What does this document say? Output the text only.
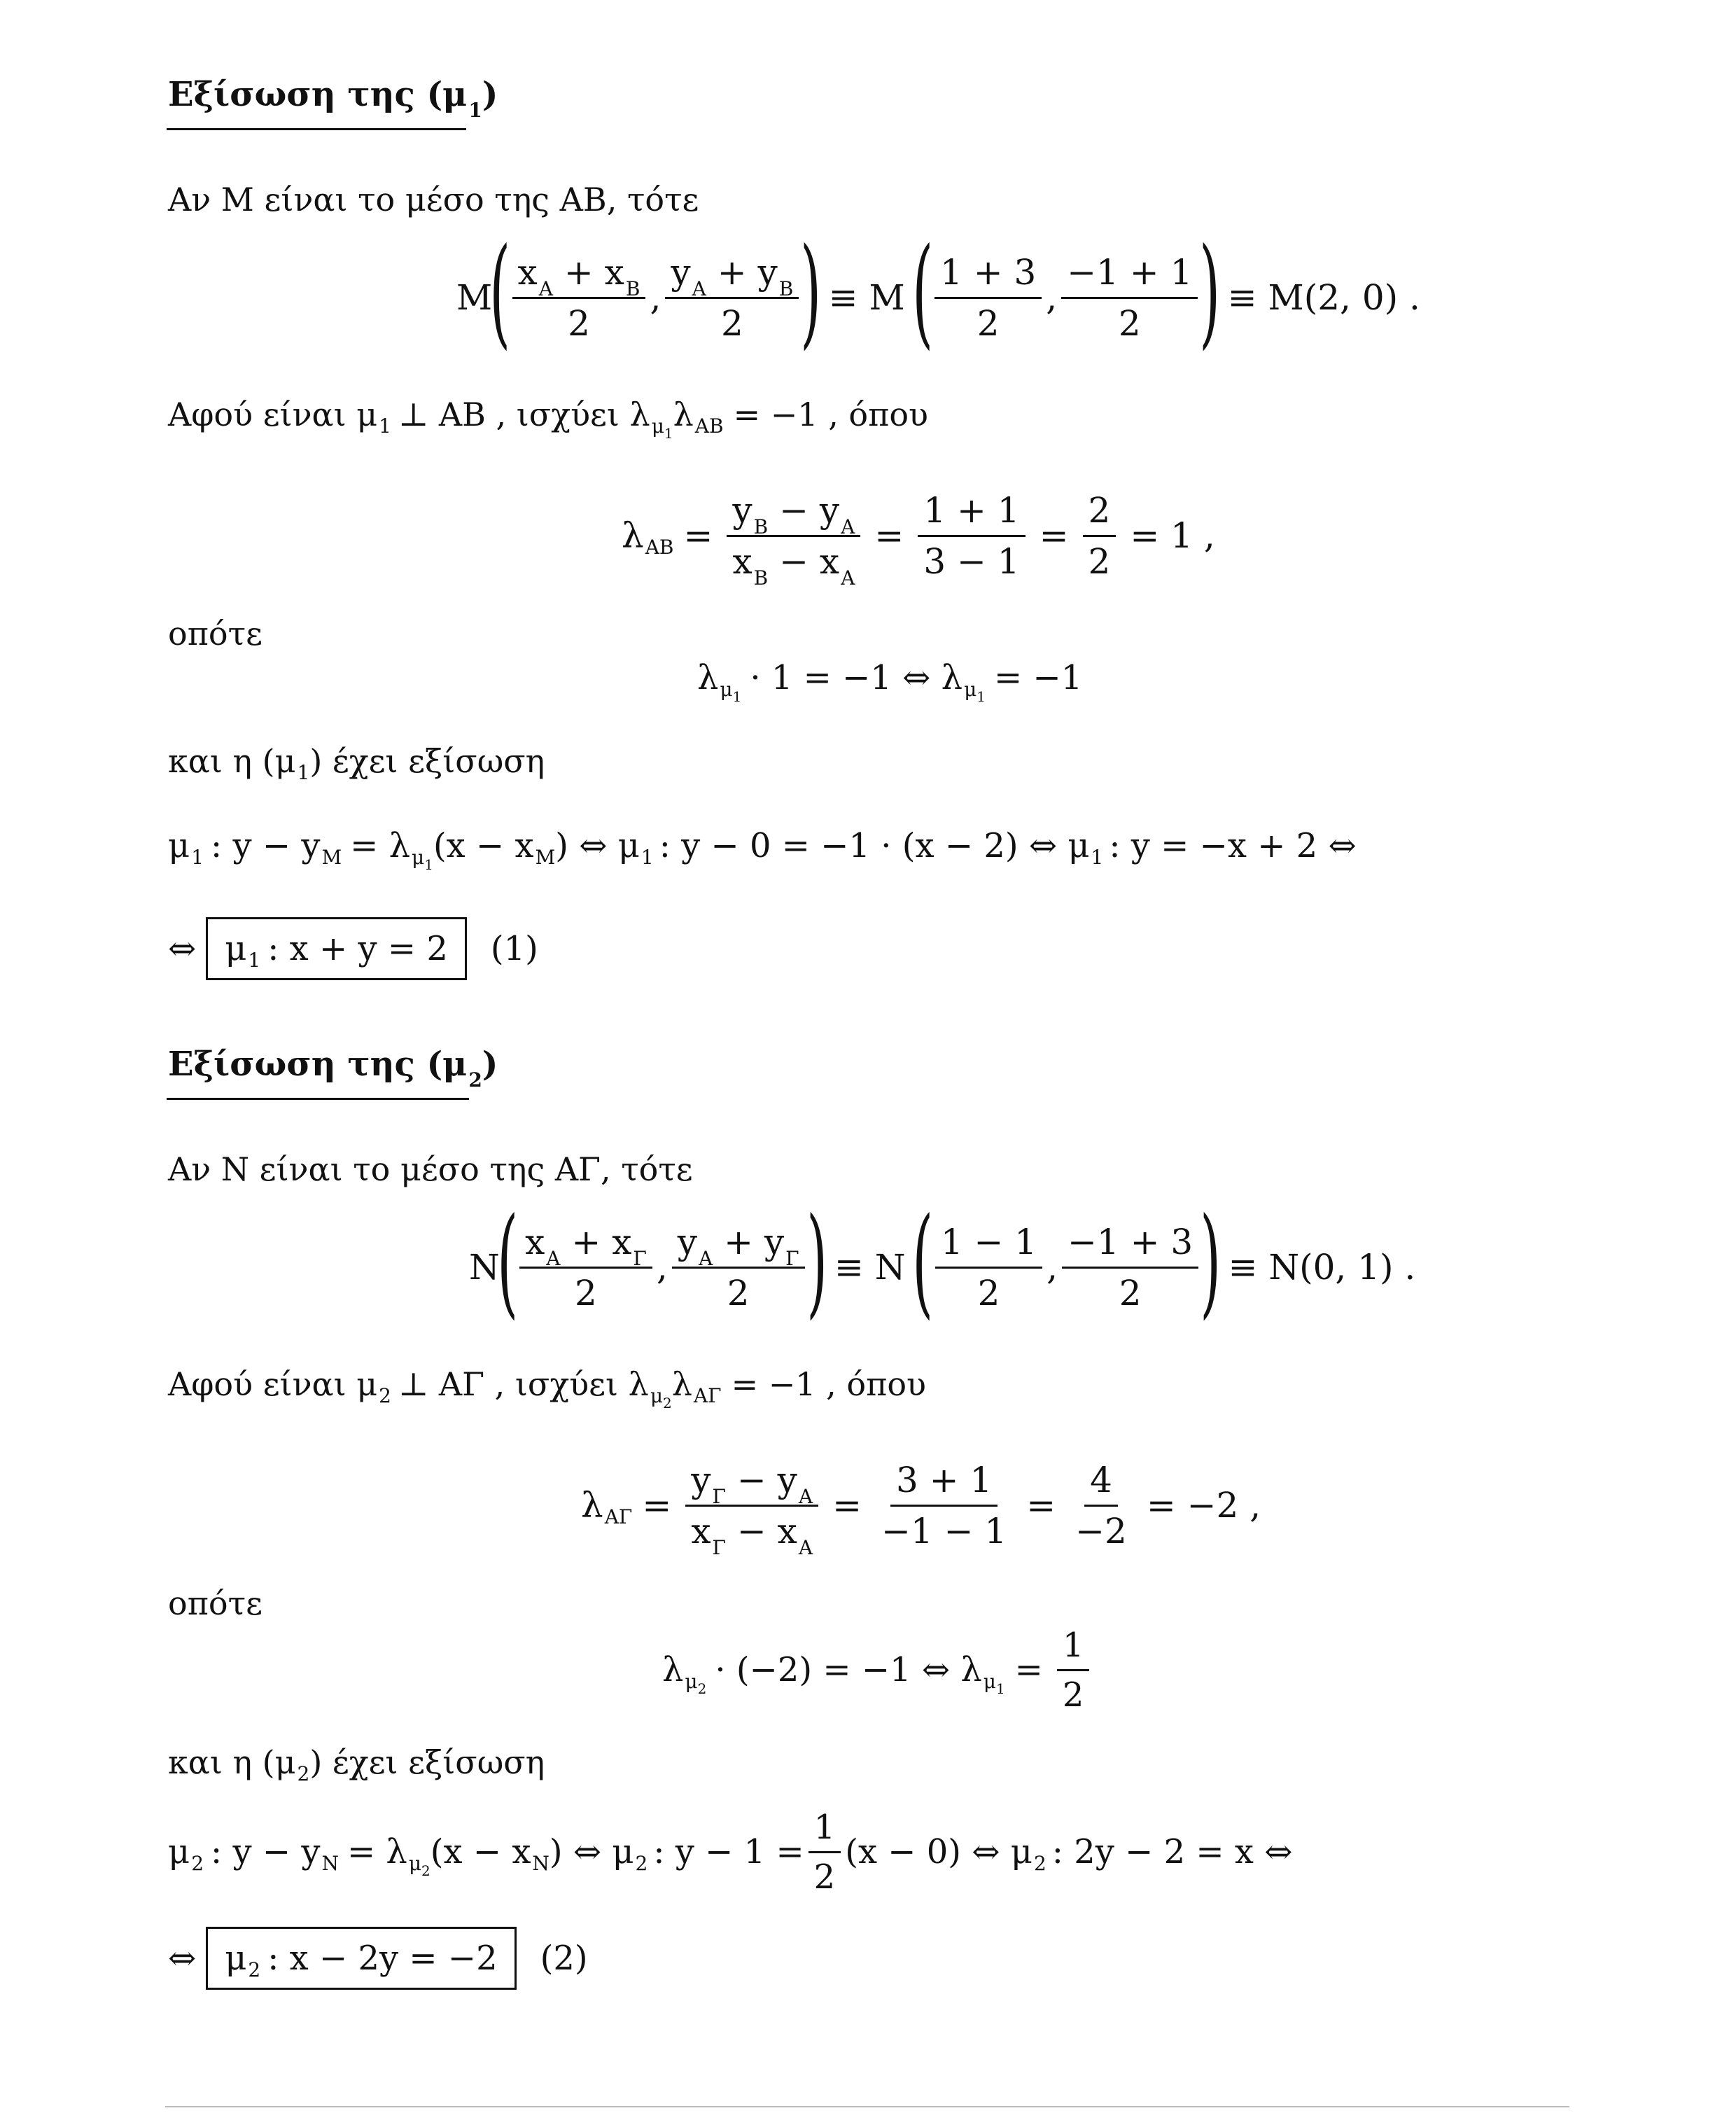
Εξίσωση της $(\mu_1)$
Αν M είναι το μέσο της AB, τότε
M
( $\frac{x_A + x_B}{2}$ , $\frac{y_A + y_B}{2}$ ) ≡ M ( $\frac{1 + 3}{2}$ , $\frac{-1 + 1}{2}$ ) ≡ M(2, 0) .
Αφού είναι μ 1 ⊥ AB , ισχύει λ $\mu_1$ λ AB = −1 , όπου
λ AB = $\frac{y_B - y_A}{x_B - x_A} = \frac{1 + 1}{3 - 1} = \frac{2}{2} = 1$ ,
οπότε
λ $\mu_1 \cdot 1 = -1$ ⇔ λ $\mu_1 = -1$
και η (μ 1 ) έχει εξίσωση
μ 1 : y − y M = λ $\mu_1$ (x − x M ) ⇔ μ 1 : y − 0 = −1 · (x − 2) ⇔ μ 1 : y = −x + 2 ⇔
⇔ μ 1 : x + y = 2 (1)
Εξίσωση της $(\mu_2)$
Αν N είναι το μέσο της AΓ, τότε
N
( $\frac{x_A + x_\Gamma}{2}$ , $\frac{y_A + y_\Gamma}{2}$ ) ≡ N ( $\frac{1 - 1}{2}$ , $\frac{-1 + 3}{2}$ ) ≡ N(0, 1) .
Αφού είναι μ 2 ⊥ AΓ , ισχύει λ $\mu_2$ λ AΓ = −1 , όπου
λ $A\Gamma = \frac{y_\Gamma - y_A}{x_\Gamma - x_A} = \frac{3 + 1}{-1 - 1} = \frac{4}{-2} = -2$ ,
οπότε
λ $\mu_2 \cdot (-2) = -1$ ⇔ λ $\mu_1 = \frac{1}{2}$
και η (μ 2 ) έχει εξίσωση
μ 2 : y − y N = λ $\mu_2$ (x − x N ) ⇔ μ 2 : $y - 1 = \frac{1}{2} (x - 0)$ ⇔ μ 2 : 2y − 2 = x ⇔
⇔ μ 2 : x − 2y = −2 (2)
